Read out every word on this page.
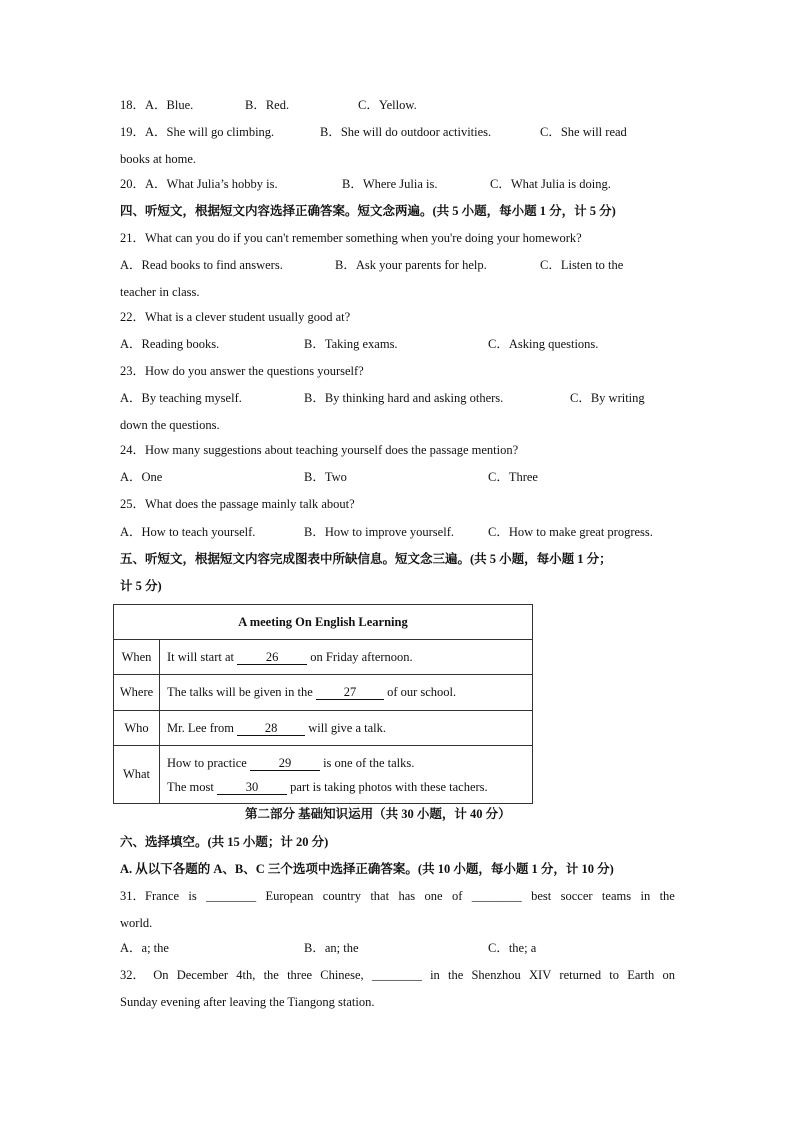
18．A．Blue.	B．Red.	C．Yellow.
19．A．She will go climbing.	B．She will do outdoor activities.	C．She will read
books at home.
20．A．What Julia’s hobby is.	B．Where Julia is.	C．What Julia is doing.
四、听短文，根据短文内容选择正确答案。短文念两遍。(共 5 小题，每小题 1 分，计 5 分)
21．What can you do if you can't remember something when you're doing your homework?
A．Read books to find answers.	B．Ask your parents for help.	C．Listen to the
teacher in class.
22．What is a clever student usually good at?
A．Reading books.	B．Taking exams.	C．Asking questions.
23．How do you answer the questions yourself?
A．By teaching myself.	B．By thinking hard and asking others.	C．By writing
down the questions.
24．How many suggestions about teaching yourself does the passage mention?
A．One	B．Two	C．Three
25．What does the passage mainly talk about?
A．How to teach yourself.	B．How to improve yourself.	C．How to make great progress.
五、听短文，根据短文内容完成图表中所缺信息。短文念三遍。(共 5 小题，每小题 1 分；
计 5 分)
A meeting On English Learning	
When	It will start at 26 on Friday afternoon.
Where	The talks will be given in the 27 of our school.
Who	Mr. Lee from 28 will give a talk.
What	How to practice 29 is one of the talks.
The most 30 part is taking photos with these tachers.
第二部分 基础知识运用（共 30 小题，计 40 分）
六、选择填空。(共 15 小题；计 20 分)
A. 从以下各题的 A、B、C 三个选项中选择正确答案。(共 10 小题，每小题 1 分，计 10 分)
31．France is ________ European country that has one of ________ best soccer teams in the
world.
A．a; the	B．an; the	C．the; a
32． On December 4th, the three Chinese, ________ in the Shenzhou XIV returned to Earth on
Sunday evening after leaving the Tiangong station.
